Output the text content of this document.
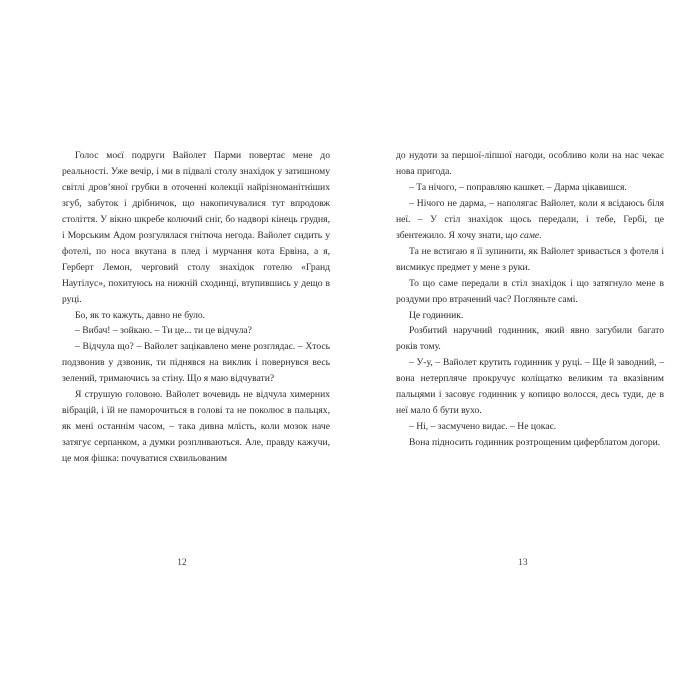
Голос моєї подруги Вайолет Парми повертає мене до реальності. Уже вечір, і ми в підвалі столу знахідок у затишному світлі дров’яної грубки в оточенні колекції найрізноманітніших згуб, забуток і дрібничок, що накопичувалися тут впродовж століття. У вікно шкребе колючий сніг, бо надворі кінець грудня, і Морським Адом розгулялася гнітюча негода. Вайолет сидить у фотелі, по носа вкутана в плед і мурчання кота Ервіна, а я, Герберт Лемон, черговий столу знахідок готелю «Гранд Наутілус», похитуюсь на нижній сходинці, втупившись у дещо в руці.

Бо, як то кажуть, давно не було.

– Вибач! – зойкаю. – Ти це... ти це відчула?

– Відчула що? – Вайолет зацікавлено мене розглядає. – Хтось подзвонив у дзвоник, ти піднявся на виклик і повернувся весь зелений, тримаючись за стіну. Що я маю відчувати?

Я струшую головою. Вайолет вочевидь не відчула химерних вібрацій, і їй не паморочиться в голові та не поколює в пальцях, як мені останнім часом, – така дивна млість, коли мозок наче затягує серпанком, а думки розпливаються. Але, правду кажучи, це моя фішка: почуватися схвильованим

12

до нудоти за першої-ліпшої нагоди, особливо коли на нас чекає нова пригода.

– Та нічого, – поправляю кашкет. – Дарма цікавишся.

– Нічого не дарма, – наполягає Вайолет, коли я всідаюсь біля неї. – У стіл знахідок щось передали, і тебе, Гербі, це збентежило. Я хочу знати, що саме.

Та не встигаю я її зупинити, як Вайолет зривається з фотеля і висмикує предмет у мене з руки.

То що саме передали в стіл знахідок і що затягнуло мене в роздуми про втрачений час? Погляньте самі.

Це годинник.

Розбитий наручний годинник, який явно загубили багато років тому.

– У-у, – Вайолет крутить годинник у руці. – Ще й заводний, – вона нетерпляче прокручує коліщатко великим та вказівним пальцями і засовує годинник у копицю волосся, десь туди, де в неї мало б бути вухо.

– Ні, – засмучено видає. – Не цокає.

Вона підносить годинник розтрощеним циферблатом догори.

13
